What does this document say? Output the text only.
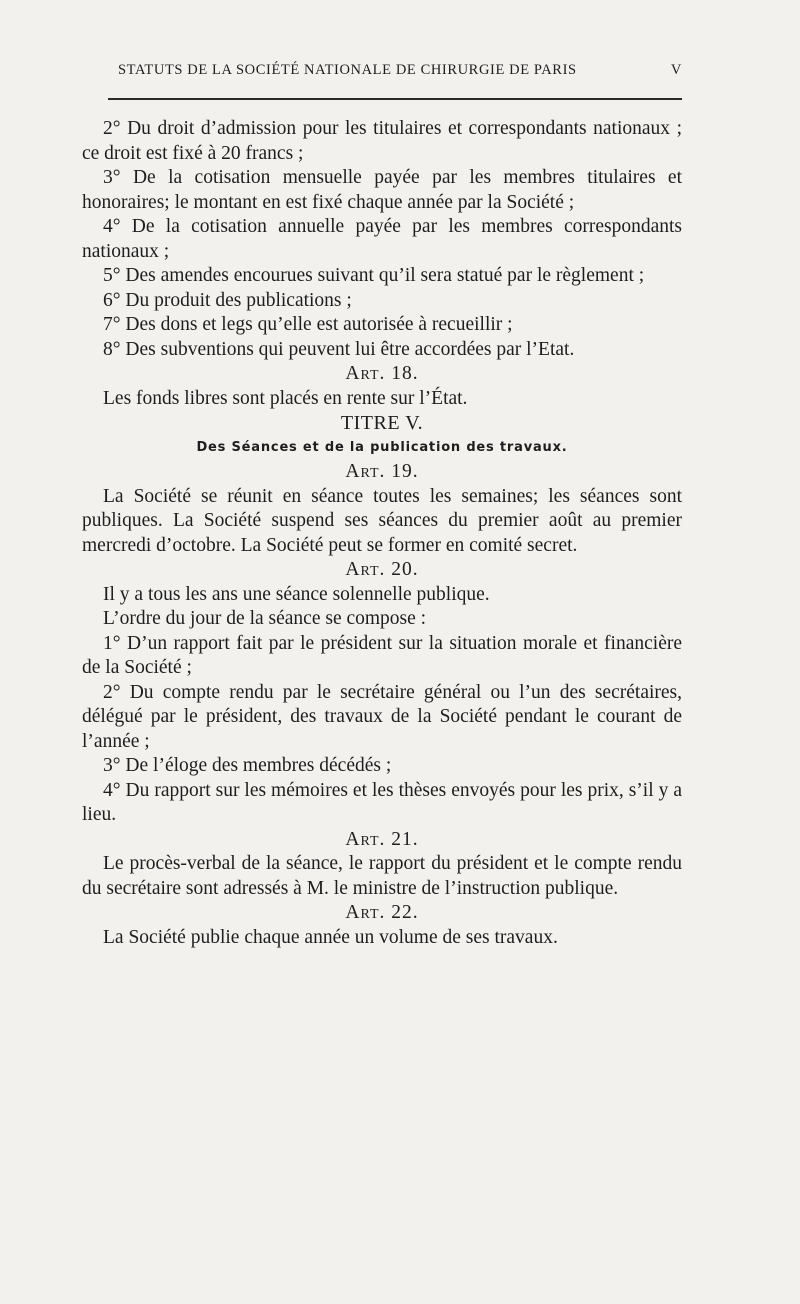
STATUTS DE LA SOCIÉTÉ NATIONALE DE CHIRURGIE DE PARIS	V

2° Du droit d’admission pour les titulaires et correspondants nationaux ; ce droit est fixé à 20 francs ;

3° De la cotisation mensuelle payée par les membres titulaires et honoraires; le montant en est fixé chaque année par la Société ;

4° De la cotisation annuelle payée par les membres correspondants nationaux ;

5° Des amendes encourues suivant qu’il sera statué par le règlement ;

6° Du produit des publications ;

7° Des dons et legs qu’elle est autorisée à recueillir ;

8° Des subventions qui peuvent lui être accordées par l’Etat.

Art. 18.

Les fonds libres sont placés en rente sur l’État.

TITRE V.

Des Séances et de la publication des travaux.

Art. 19.

La Société se réunit en séance toutes les semaines; les séances sont publiques. La Société suspend ses séances du premier août au premier mercredi d’octobre. La Société peut se former en comité secret.

Art. 20.

Il y a tous les ans une séance solennelle publique.

L’ordre du jour de la séance se compose :

1° D’un rapport fait par le président sur la situation morale et financière de la Société ;

2° Du compte rendu par le secrétaire général ou l’un des secrétaires, délégué par le président, des travaux de la Société pendant le courant de l’année ;

3° De l’éloge des membres décédés ;

4° Du rapport sur les mémoires et les thèses envoyés pour les prix, s’il y a lieu.

Art. 21.

Le procès-verbal de la séance, le rapport du président et le compte rendu du secrétaire sont adressés à M. le ministre de l’instruction publique.

Art. 22.

La Société publie chaque année un volume de ses travaux.
